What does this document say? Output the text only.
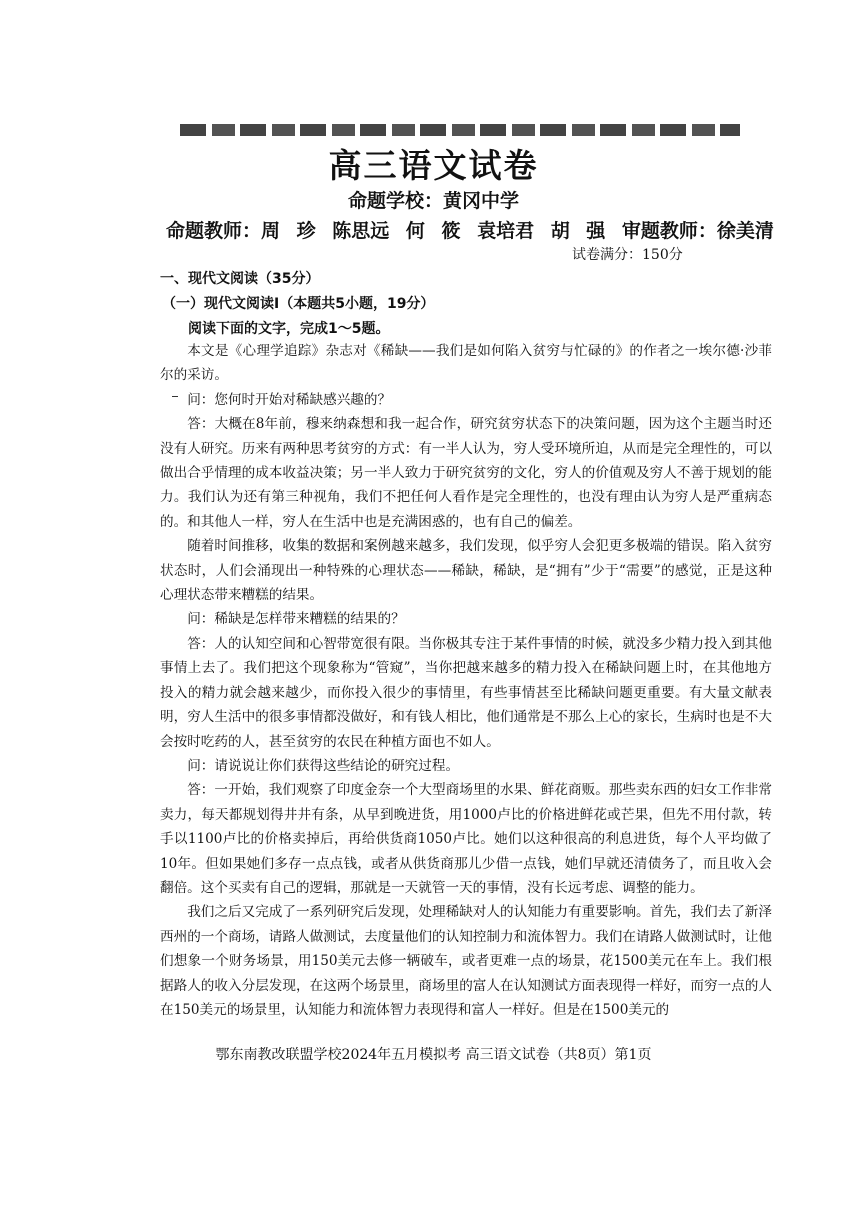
高三语文试卷
命题学校：黄冈中学
命题教师：周 珍 陈思远 何 筱 袁培君 胡 强 审题教师：徐美清
试卷满分：150分
一、现代文阅读（35分）
（一）现代文阅读Ⅰ（本题共5小题，19分）
阅读下面的文字，完成1～5题。

本文是《心理学追踪》杂志对《稀缺——我们是如何陷入贫穷与忙碌的》的作者之一埃尔德·沙菲尔的采访。

问：您何时开始对稀缺感兴趣的？

答：大概在8年前，穆来纳森想和我一起合作，研究贫穷状态下的决策问题，因为这个主题当时还没有人研究。历来有两种思考贫穷的方式：有一半人认为，穷人受环境所迫，从而是完全理性的，可以做出合乎情理的成本收益决策；另一半人致力于研究贫穷的文化，穷人的价值观及穷人不善于规划的能力。我们认为还有第三种视角，我们不把任何人看作是完全理性的，也没有理由认为穷人是严重病态的。和其他人一样，穷人在生活中也是充满困惑的，也有自己的偏差。

随着时间推移，收集的数据和案例越来越多，我们发现，似乎穷人会犯更多极端的错误。陷入贫穷状态时，人们会涌现出一种特殊的心理状态——稀缺，稀缺，是“拥有”少于“需要”的感觉，正是这种心理状态带来糟糕的结果。

问：稀缺是怎样带来糟糕的结果的？

答：人的认知空间和心智带宽很有限。当你极其专注于某件事情的时候，就没多少精力投入到其他事情上去了。我们把这个现象称为“管窥”，当你把越来越多的精力投入在稀缺问题上时，在其他地方投入的精力就会越来越少，而你投入很少的事情里，有些事情甚至比稀缺问题更重要。有大量文献表明，穷人生活中的很多事情都没做好，和有钱人相比，他们通常是不那么上心的家长，生病时也是不大会按时吃药的人，甚至贫穷的农民在种植方面也不如人。

问：请说说让你们获得这些结论的研究过程。

答：一开始，我们观察了印度金奈一个大型商场里的水果、鲜花商贩。那些卖东西的妇女工作非常卖力，每天都规划得井井有条，从早到晚进货，用1000卢比的价格进鲜花或芒果，但先不用付款，转手以1100卢比的价格卖掉后，再给供货商1050卢比。她们以这种很高的利息进货，每个人平均做了10年。但如果她们多存一点点钱，或者从供货商那儿少借一点钱，她们早就还清债务了，而且收入会翻倍。这个买卖有自己的逻辑，那就是一天就管一天的事情，没有长远考虑、调整的能力。

我们之后又完成了一系列研究后发现，处理稀缺对人的认知能力有重要影响。首先，我们去了新泽西州的一个商场，请路人做测试，去度量他们的认知控制力和流体智力。我们在请路人做测试时，让他们想象一个财务场景，用150美元去修一辆破车，或者更难一点的场景，花1500美元在车上。我们根据路人的收入分层发现，在这两个场景里，商场里的富人在认知测试方面表现得一样好，而穷一点的人在150美元的场景里，认知能力和流体智力表现得和富人一样好。但是在1500美元的

鄂东南教改联盟学校2024年五月模拟考 高三语文试卷（共8页）第1页
